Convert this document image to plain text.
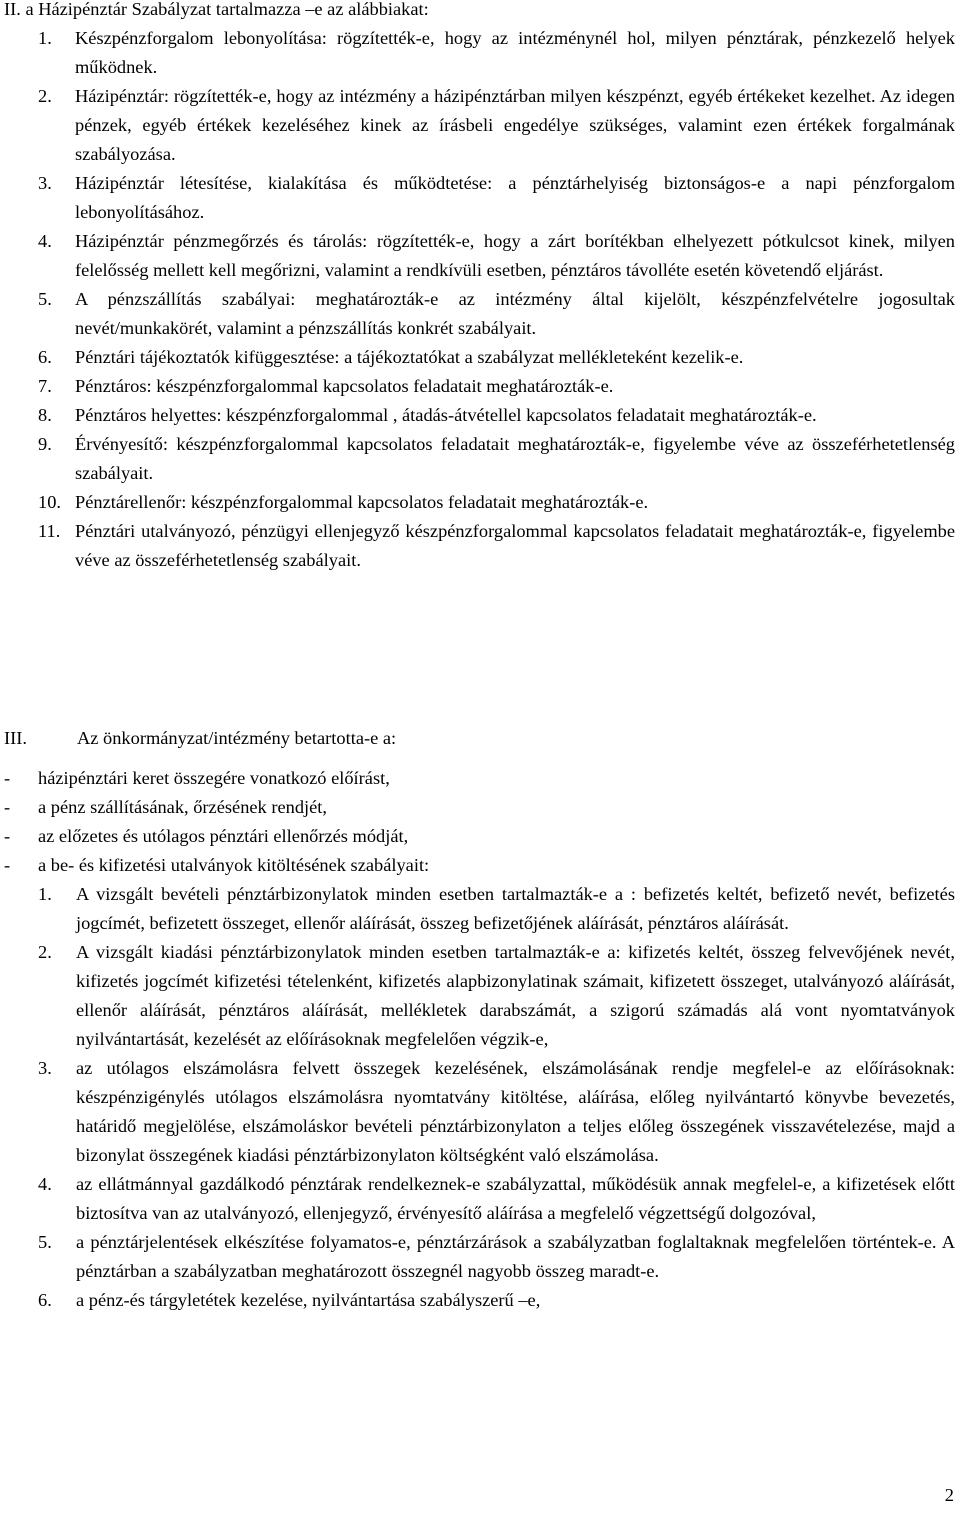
II. a Házipénztár Szabályzat tartalmazza –e az alábbiakat:
1.	Készpénzforgalom lebonyolítása: rögzítették-e, hogy az intézménynél hol, milyen pénztárak, pénzkezelő helyek működnek.
2.	Házipénztár: rögzítették-e, hogy az intézmény a házipénztárban milyen készpénzt, egyéb értékeket kezelhet. Az idegen pénzek, egyéb értékek kezeléséhez kinek az írásbeli engedélye szükséges, valamint ezen értékek forgalmának szabályozása.
3.	Házipénztár létesítése, kialakítása és működtetése: a pénztárhelyiség biztonságos-e a napi pénzforgalom lebonyolításához.
4.	Házipénztár pénzmegőrzés és tárolás: rögzítették-e, hogy a zárt borítékban elhelyezett pótkulcsot kinek, milyen felelősség mellett kell megőrizni, valamint a rendkívüli esetben, pénztáros távolléte esetén követendő eljárást.
5.	A pénzszállítás szabályai: meghatározták-e az intézmény által kijelölt, készpénzfelvételre jogosultak nevét/munkakörét, valamint a pénzszállítás konkrét szabályait.
6.	Pénztári tájékoztatók kifüggesztése: a tájékoztatókat a szabályzat mellékleteként kezelik-e.
7.	Pénztáros: készpénzforgalommal kapcsolatos feladatait meghatározták-e.
8.	Pénztáros helyettes: készpénzforgalommal , átadás-átvétellel kapcsolatos feladatait meghatározták-e.
9.	Érvényesítő: készpénzforgalommal kapcsolatos feladatait meghatározták-e, figyelembe véve az összeférhetetlenség szabályait.
10. Pénztárellenőr: készpénzforgalommal kapcsolatos feladatait meghatározták-e.
11. Pénztári utalványozó, pénzügyi ellenjegyző készpénzforgalommal kapcsolatos feladatait meghatározták-e, figyelembe véve az összeférhetetlenség szabályait.
III.	Az önkormányzat/intézmény betartotta-e a:
-	házipénztári keret összegére vonatkozó előírást,
-	a pénz szállításának, őrzésének rendjét,
-	az előzetes és utólagos pénztári ellenőrzés módját,
-	a be- és kifizetési utalványok kitöltésének szabályait:
1.	A vizsgált bevételi pénztárbizonylatok minden esetben tartalmazták-e a : befizetés keltét, befizető nevét, befizetés jogcímét, befizetett összeget, ellenőr aláírását, összeg befizetőjének aláírását, pénztáros aláírását.
2.	A vizsgált kiadási pénztárbizonylatok minden esetben tartalmazták-e a: kifizetés keltét, összeg felvevőjének nevét, kifizetés jogcímét kifizetési tételenként, kifizetés alapbizonylatinak számait, kifizetett összeget, utalványozó aláírását, ellenőr aláírását, pénztáros aláírását, mellékletek darabszámát, a szigorú számadás alá vont nyomtatványok nyilvántartását, kezelését az előírásoknak megfelelően végzik-e,
3.	az utólagos elszámolásra felvett összegek kezelésének, elszámolásának rendje megfelel-e az előírásoknak: készpénzigénylés utólagos elszámolásra nyomtatvány kitöltése, aláírása, előleg nyilvántartó könyvbe bevezetés, határidő megjelölése, elszámoláskor bevételi pénztárbizonylaton a teljes előleg összegének visszavételezése, majd a bizonylat összegének kiadási pénztárbizonylaton költségként való elszámolása.
4.	az ellátmánnyal gazdálkodó pénztárak rendelkeznek-e szabályzattal, működésük annak megfelel-e, a kifizetések előtt biztosítva van az utalványozó, ellenjegyző, érvényesítő aláírása a megfelelő végzettségű dolgozóval,
5.	a pénztárjelentések elkészítése folyamatos-e, pénztárzárások a szabályzatban foglaltaknak megfelelően történtek-e. A pénztárban a szabályzatban meghatározott összegnél nagyobb összeg maradt-e.
6.	a pénz-és tárgyletétek kezelése, nyilvántartása szabályszerű –e,
2
